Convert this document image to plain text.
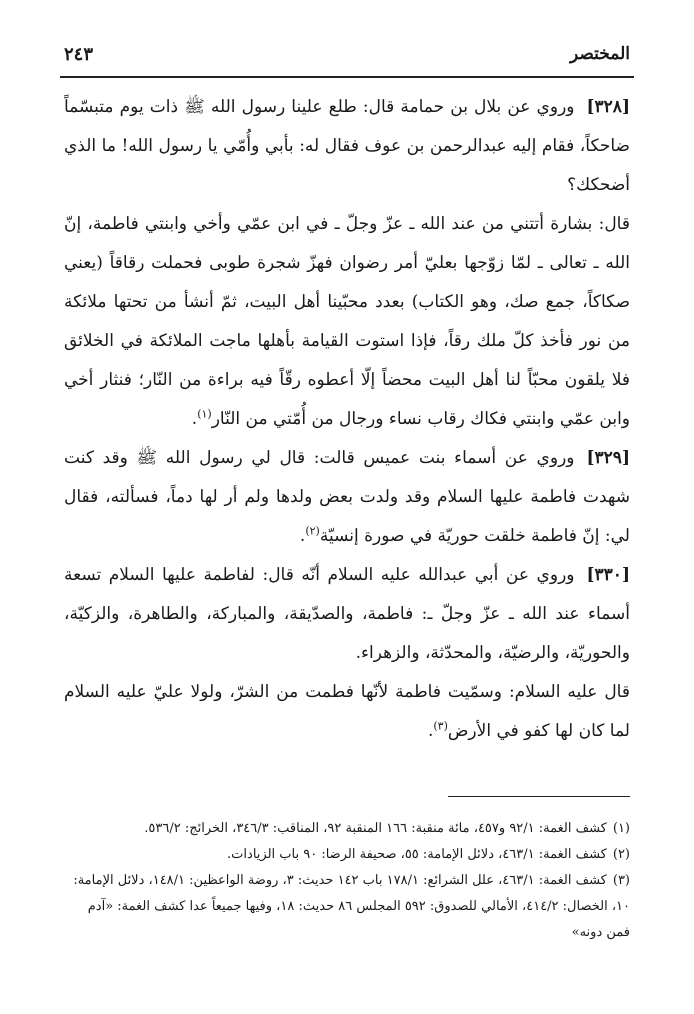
المختصر
٢٤٣

[٣٢٨]وروي عن بلال بن حمامة قال: طلع علينا رسول الله ﷺ ذات يوم متبسّماً ضاحكاً، فقام إليه عبدالرحمن بن عوف فقال له: بأبي وأُمّي يا رسول الله! ما الذي أضحكك؟

قال: بشارة أتتني من عند الله ـ عزّ وجلّ ـ في ابن عمّي وأخي وابنتي فاطمة، إنّ الله ـ تعالى ـ لمّا زوّجها بعليّ أمر رضوان فهزّ شجرة طوبى فحملت رقاقاً (يعني صكاكاً، جمع صك، وهو الكتاب) بعدد محبّينا أهل البيت، ثمّ أنشأ من تحتها ملائكة من نور فأخذ كلّ ملك رقاً، فإذا استوت القيامة بأهلها ماجت الملائكة في الخلائق فلا يلقون محبّاً لنا أهل البيت محضاً إلّا أعطوه رقّاً فيه براءة من النّار؛ فنثار أخي وابن عمّي وابنتي فكاك رقاب نساء ورجال من أُمّتي من النّار$^{(١)}$.

[٣٢٩]وروي عن أسماء بنت عميس قالت: قال لي رسول الله ﷺ وقد كنت شهدت فاطمة عليها السلام وقد ولدت بعض ولدها ولم أر لها دماً، فسألته، فقال لي: إنّ فاطمة خلقت حوريّة في صورة إنسيّة$^{(٢)}$.

[٣٣٠]وروي عن أبي عبدالله عليه السلام أنّه قال: لفاطمة عليها السلام تسعة أسماء عند الله ـ عزّ وجلّ ـ: فاطمة، والصدّيقة، والمباركة، والطاهرة، والزكيّة، والحوريّة، والرضيّة، والمحدّثة، والزهراء.

قال عليه السلام: وسمّيت فاطمة لأنّها فطمت من الشرّ، ولولا عليّ عليه السلام لما كان لها كفو في الأرض$^{(٣)}$.

(١)كشف الغمة: ٩٢/١ و٤٥٧، مائة منقبة: ١٦٦ المنقبة ٩٢، المناقب: ٣٤٦/٣، الخرائج: ٥٣٦/٢.

(٢)كشف الغمة: ٤٦٣/١، دلائل الإمامة: ٥٥، صحيفة الرضا: ٩٠ باب الزيادات.

(٣)كشف الغمة: ٤٦٣/١، علل الشرائع: ١٧٨/١ باب ١٤٢ حديث: ٣، روضة الواعظين: ١٤٨/١، دلائل الإمامة: ١٠، الخصال: ٤١٤/٢، الأمالي للصدوق: ٥٩٢ المجلس ٨٦ حديث: ١٨، وفيها جميعاً عدا كشف الغمة: «آدم فمن دونه»
